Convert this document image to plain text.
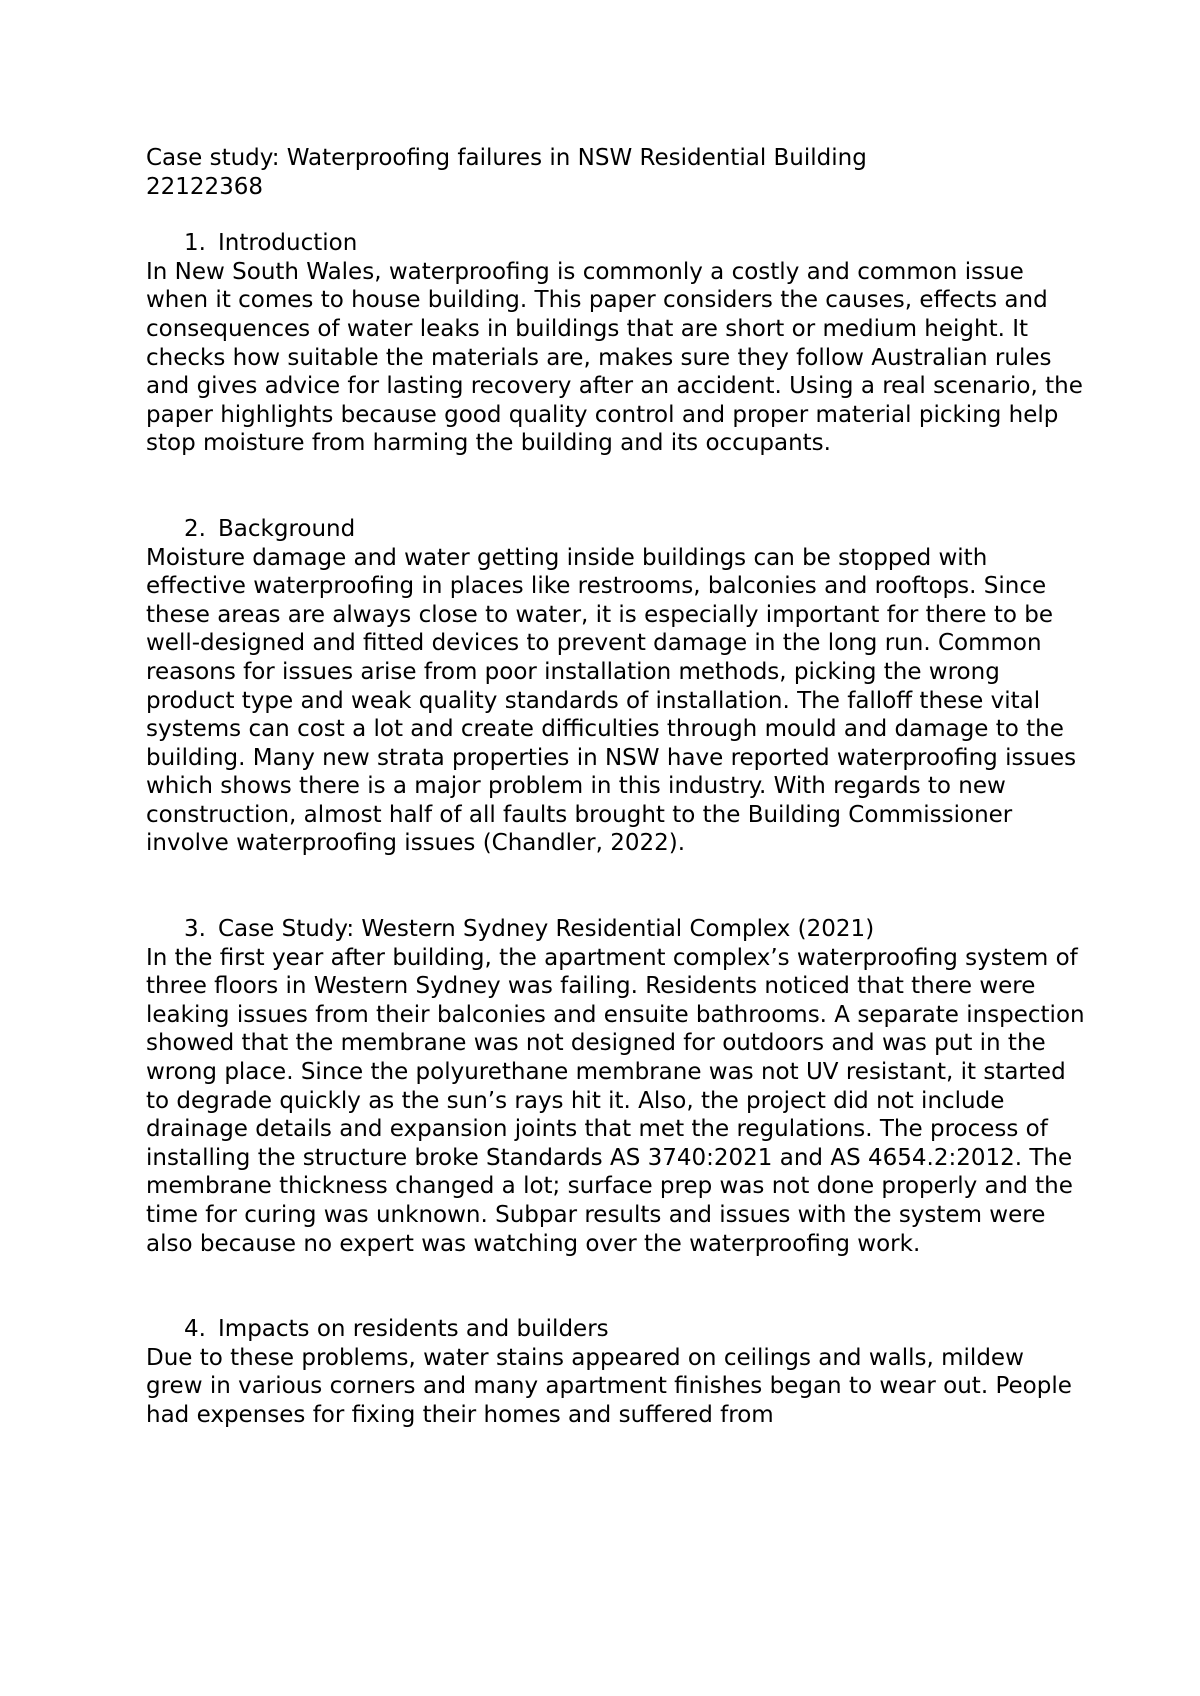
Case study: Waterproofing failures in NSW Residential Building

22122368

1. Introduction

In New South Wales, waterproofing is commonly a costly and common issue when it comes to house building. This paper considers the causes, effects and consequences of water leaks in buildings that are short or medium height. It checks how suitable the materials are, makes sure they follow Australian rules and gives advice for lasting recovery after an accident. Using a real scenario, the paper highlights because good quality control and proper material picking help stop moisture from harming the building and its occupants.

2. Background

Moisture damage and water getting inside buildings can be stopped with effective waterproofing in places like restrooms, balconies and rooftops. Since these areas are always close to water, it is especially important for there to be well-designed and fitted devices to prevent damage in the long run. Common reasons for issues arise from poor installation methods, picking the wrong product type and weak quality standards of installation. The falloff these vital systems can cost a lot and create difficulties through mould and damage to the building. Many new strata properties in NSW have reported waterproofing issues which shows there is a major problem in this industry. With regards to new construction, almost half of all faults brought to the Building Commissioner involve waterproofing issues (Chandler, 2022).

3. Case Study: Western Sydney Residential Complex (2021)

In the first year after building, the apartment complex’s waterproofing system of three floors in Western Sydney was failing. Residents noticed that there were leaking issues from their balconies and ensuite bathrooms. A separate inspection showed that the membrane was not designed for outdoors and was put in the wrong place. Since the polyurethane membrane was not UV resistant, it started to degrade quickly as the sun’s rays hit it. Also, the project did not include drainage details and expansion joints that met the regulations. The process of installing the structure broke Standards AS 3740:2021 and AS 4654.2:2012. The membrane thickness changed a lot; surface prep was not done properly and the time for curing was unknown. Subpar results and issues with the system were also because no expert was watching over the waterproofing work.

4. Impacts on residents and builders

Due to these problems, water stains appeared on ceilings and walls, mildew grew in various corners and many apartment finishes began to wear out. People had expenses for fixing their homes and suffered from
